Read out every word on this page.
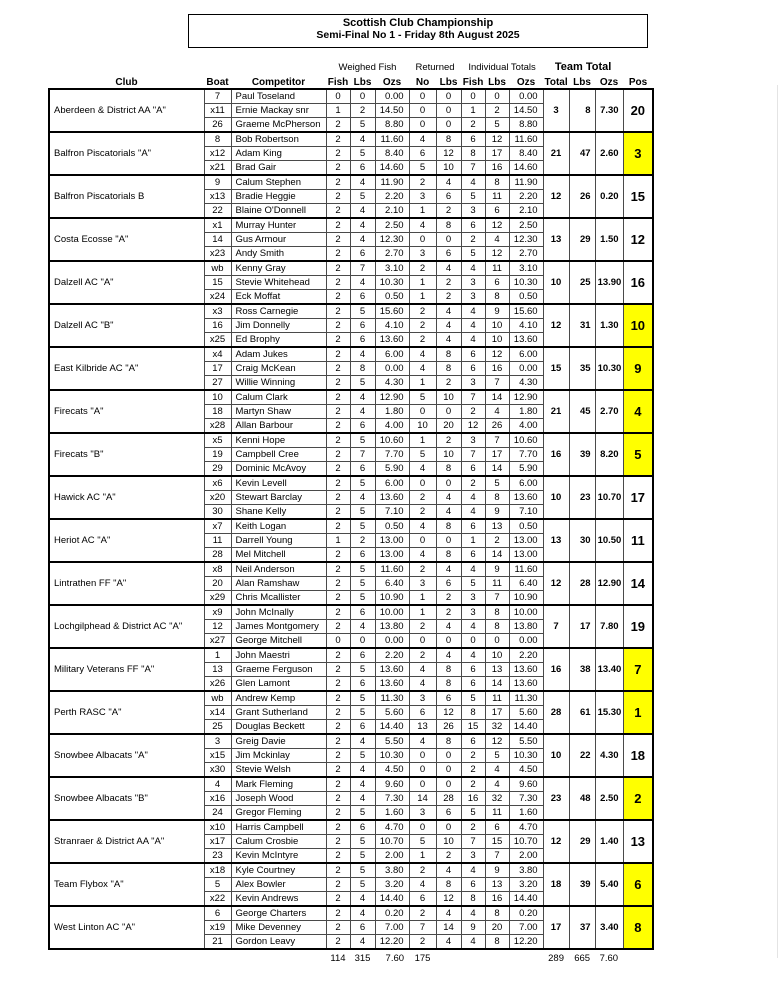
Scottish Club Championship
Semi-Final No 1 - Friday 8th August 2025
			Weighed Fish			Returned		Individual Totals			Team Total			
Club	Boat	Competitor	Fish	Lbs	Ozs	No	Lbs	Fish	Lbs	Ozs	Total	Lbs	Ozs	Pos
Aberdeen & District AA "A"	7	Paul Toseland	0	0	0.00	0	0	0	0	0.00	3	8	7.30	20
	x11	Ernie Mackay snr	1	2	14.50	0	0	1	2	14.50				
	26	Graeme McPherson	2	5	8.80	0	0	2	5	8.80				
Balfron Piscatorials "A"	8	Bob Robertson	2	4	11.60	4	8	6	12	11.60	21	47	2.60	3
	x12	Adam King	2	5	8.40	6	12	8	17	8.40				
	x21	Brad Gair	2	6	14.60	5	10	7	16	14.60				
Balfron Piscatorials B	9	Calum Stephen	2	4	11.90	2	4	4	8	11.90	12	26	0.20	15
	x13	Bradie Heggie	2	5	2.20	3	6	5	11	2.20				
	22	Blaine O'Donnell	2	4	2.10	1	2	3	6	2.10				
Costa Ecosse "A"	x1	Murray Hunter	2	4	2.50	4	8	6	12	2.50	13	29	1.50	12
	14	Gus Armour	2	4	12.30	0	0	2	4	12.30				
	x23	Andy Smith	2	6	2.70	3	6	5	12	2.70				
Dalzell AC "A"	wb	Kenny Gray	2	7	3.10	2	4	4	11	3.10	10	25	13.90	16
	15	Stevie Whitehead	2	4	10.30	1	2	3	6	10.30				
	x24	Eck Moffat	2	6	0.50	1	2	3	8	0.50				
Dalzell AC "B"	x3	Ross Carnegie	2	5	15.60	2	4	4	9	15.60	12	31	1.30	10
	16	Jim Donnelly	2	6	4.10	2	4	4	10	4.10				
	x25	Ed Brophy	2	6	13.60	2	4	4	10	13.60				
East Kilbride AC "A"	x4	Adam Jukes	2	4	6.00	4	8	6	12	6.00	15	35	10.30	9
	17	Craig McKean	2	8	0.00	4	8	6	16	0.00				
	27	Willie Winning	2	5	4.30	1	2	3	7	4.30				
Firecats "A"	10	Calum Clark	2	4	12.90	5	10	7	14	12.90	21	45	2.70	4
	18	Martyn Shaw	2	4	1.80	0	0	2	4	1.80				
	x28	Allan Barbour	2	6	4.00	10	20	12	26	4.00				
Firecats "B"	x5	Kenni Hope	2	5	10.60	1	2	3	7	10.60	16	39	8.20	5
	19	Campbell Cree	2	7	7.70	5	10	7	17	7.70				
	29	Dominic McAvoy	2	6	5.90	4	8	6	14	5.90				
Hawick AC "A"	x6	Kevin Levell	2	5	6.00	0	0	2	5	6.00	10	23	10.70	17
	x20	Stewart Barclay	2	4	13.60	2	4	4	8	13.60				
	30	Shane Kelly	2	5	7.10	2	4	4	9	7.10				
Heriot AC "A"	x7	Keith Logan	2	5	0.50	4	8	6	13	0.50	13	30	10.50	11
	11	Darrell Young	1	2	13.00	0	0	1	2	13.00				
	28	Mel Mitchell	2	6	13.00	4	8	6	14	13.00				
Lintrathen FF "A"	x8	Neil Anderson	2	5	11.60	2	4	4	9	11.60	12	28	12.90	14
	20	Alan Ramshaw	2	5	6.40	3	6	5	11	6.40				
	x29	Chris Mcallister	2	5	10.90	1	2	3	7	10.90				
Lochgilphead & District AC "A"	x9	John McInally	2	6	10.00	1	2	3	8	10.00	7	17	7.80	19
	12	James Montgomery	2	4	13.80	2	4	4	8	13.80				
	x27	George Mitchell	0	0	0.00	0	0	0	0	0.00				
Military Veterans FF "A"	1	John Maestri	2	6	2.20	2	4	4	10	2.20	16	38	13.40	7
	13	Graeme Ferguson	2	5	13.60	4	8	6	13	13.60				
	x26	Glen Lamont	2	6	13.60	4	8	6	14	13.60				
Perth RASC "A"	wb	Andrew Kemp	2	5	11.30	3	6	5	11	11.30	28	61	15.30	1
	x14	Grant Sutherland	2	5	5.60	6	12	8	17	5.60				
	25	Douglas Beckett	2	6	14.40	13	26	15	32	14.40				
Snowbee Albacats "A"	3	Greig Davie	2	4	5.50	4	8	6	12	5.50	10	22	4.30	18
	x15	Jim Mckinlay	2	5	10.30	0	0	2	5	10.30				
	x30	Stevie Welsh	2	4	4.50	0	0	2	4	4.50				
Snowbee Albacats "B"	4	Mark Fleming	2	4	9.60	0	0	2	4	9.60	23	48	2.50	2
	x16	Joseph Wood	2	4	7.30	14	28	16	32	7.30				
	24	Gregor Fleming	2	5	1.60	3	6	5	11	1.60				
Stranraer & District AA "A"	x10	Harris Campbell	2	6	4.70	0	0	2	6	4.70	12	29	1.40	13
	x17	Calum Crosbie	2	5	10.70	5	10	7	15	10.70				
	23	Kevin McIntyre	2	5	2.00	1	2	3	7	2.00				
Team Flybox "A"	x18	Kyle Courtney	2	5	3.80	2	4	4	9	3.80	18	39	5.40	6
	5	Alex Bowler	2	5	3.20	4	8	6	13	3.20				
	x22	Kevin Andrews	2	4	14.40	6	12	8	16	14.40				
West Linton AC "A"	6	George Charters	2	4	0.20	2	4	4	8	0.20	17	37	3.40	8
	x19	Mike Devenney	2	6	7.00	7	14	9	20	7.00				
	21	Gordon Leavy	2	4	12.20	2	4	4	8	12.20				
			114	315	7.60	175					289	665	7.60	
